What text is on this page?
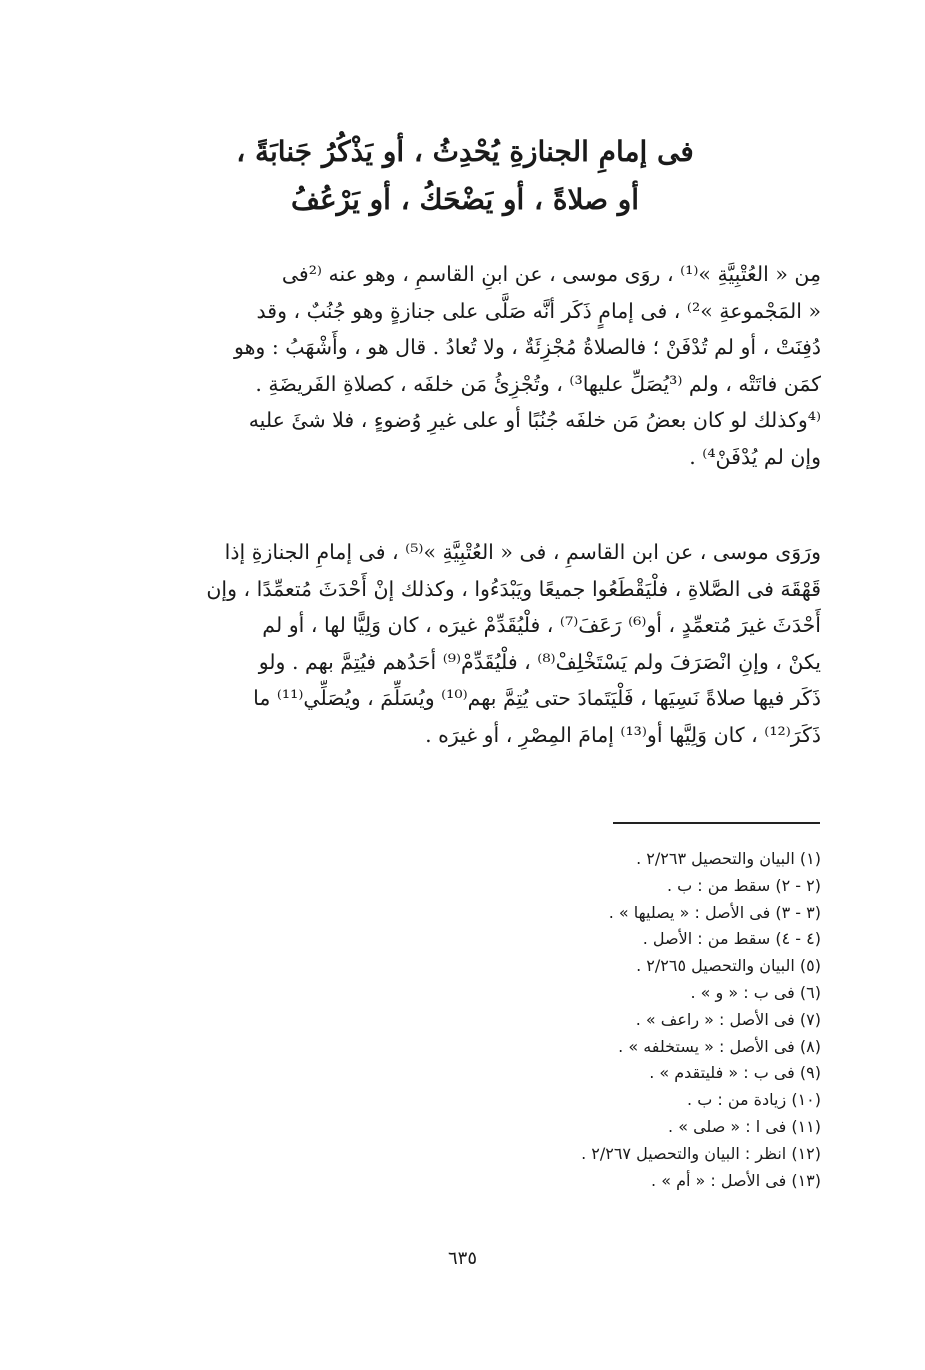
فى إمامِ الجنازةِ يُحْدِثُ ، أو يَذْكُرُ جَنابَةً ،
أو صلاةً ، أو يَضْحَكُ ، أو يَرْعُفُ
مِن « العُتْبِيَّةِ »⁽¹⁾ ، روَى موسى ، عن ابنِ القاسمِ ، وهو عنه ⁽²فى
« المَجْموعةِ »²⁾ ، فى إمامٍ ذَكَر أنَّه صَلَّى على جنازةٍ وهو جُنُبٌ ، وقد
دُفِنَتْ ، أو لم تُدْفَنْ ؛ فالصلاةُ مُجْزِئَةٌ ، ولا تُعادُ . قال هو ، وأَشْهَبُ : وهو
كمَن فاتَتْه ، ولم ⁽³يُصَلِّ عليها³⁾ ، وتُجْزِئُ مَن خلفَه ، كصلاةِ الفَريضَةِ .
⁽⁴وكذلك لو كان بعضُ مَن خلفَه جُنُبًا أو على غيرِ وُضوءٍ ، فلا شئَ عليه
وإن لم يُدْفَنْ⁴⁾ .
ورَوَى موسى ، عن ابن القاسمِ ، فى « العُتْبِيَّةِ »⁽⁵⁾ ، فى إمامِ الجنازةِ إذا
قَهْقَهَ فى الصَّلاةِ ، فلْيَقْطَعُوا جميعًا ويَبْدَءُوا ، وكذلك إنْ أَحْدَثَ مُتعمِّدًا ، وإن
أَحْدَثَ غيرَ مُتعمِّدٍ ، أو⁽⁶⁾ رَعَفَ⁽⁷⁾ ، فلْيُقَدِّمْ غيرَه ، كان وَلِيًّا لها ، أو لم
يكنْ ، وإنِ انْصَرَفَ ولم يَسْتَخْلِفْ⁽⁸⁾ ، فلْيُقَدِّمْ⁽⁹⁾ أحَدُهم فيُتِمَّ بهم . ولو
ذَكَر فيها صلاةً نَسِيَها ، فَلْيَتَمادَ حتى يُتِمَّ بهم⁽¹⁰⁾ ويُسَلِّمَ ، ويُصَلِّي⁽¹¹⁾ ما
ذَكَرَ⁽¹²⁾ ، كان وَلِيَّها أو⁽¹³⁾ إمامَ المِصْرِ ، أو غيرَه .
(١) البيان والتحصيل ٢/٢٦٣ .
(٢ - ٢) سقط من : ب .
(٣ - ٣) فى الأصل : « يصليها » .
(٤ - ٤) سقط من : الأصل .
(٥) البيان والتحصيل ٢/٢٦٥ .
(٦) فى ب : « و » .
(٧) فى الأصل : « راعف » .
(٨) فى الأصل : « يستخلفه » .
(٩) فى ب : « فليتقدم » .
(١٠) زيادة من : ب .
(١١) فى ا : « صلى » .
(١٢) انظر : البيان والتحصيل ٢/٢٦٧ .
(١٣) فى الأصل : « أم » .
٦٣٥
